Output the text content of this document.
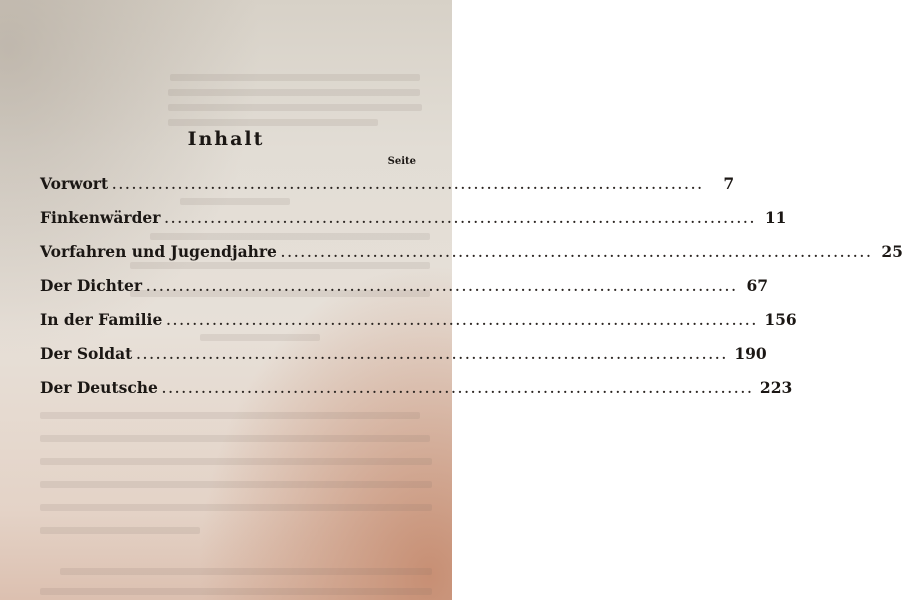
Inhalt
Seite
Vorwort ..........................................................................................	7
Finkenwärder .......................................................................................... 11
Vorfahren und Jugendjahre .......................................................................................... 25
Der Dichter .......................................................................................... 67
In der Familie .......................................................................................... 156
Der Soldat .......................................................................................... 190
Der Deutsche .......................................................................................... 223
